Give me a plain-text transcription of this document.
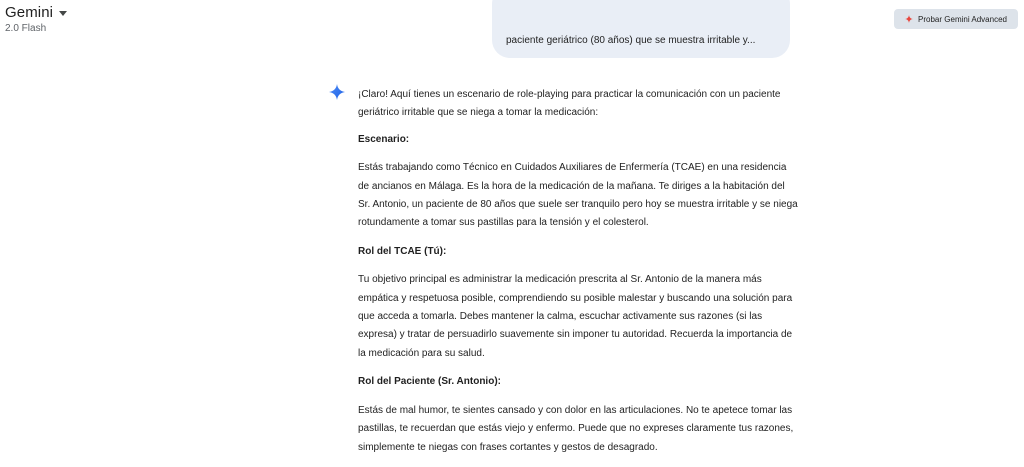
Gemini
2.0 Flash
Probar Gemini Advanced
paciente geriátrico (80 años) que se muestra irritable y...

¡Claro! Aquí tienes un escenario de role-playing para practicar la comunicación con un paciente geriátrico irritable que se niega a tomar la medicación:

Escenario:

Estás trabajando como Técnico en Cuidados Auxiliares de Enfermería (TCAE) en una residencia de ancianos en Málaga. Es la hora de la medicación de la mañana. Te diriges a la habitación del Sr. Antonio, un paciente de 80 años que suele ser tranquilo pero hoy se muestra irritable y se niega rotundamente a tomar sus pastillas para la tensión y el colesterol.

Rol del TCAE (Tú):

Tu objetivo principal es administrar la medicación prescrita al Sr. Antonio de la manera más empática y respetuosa posible, comprendiendo su posible malestar y buscando una solución para que acceda a tomarla. Debes mantener la calma, escuchar activamente sus razones (si las expresa) y tratar de persuadirlo suavemente sin imponer tu autoridad. Recuerda la importancia de la medicación para su salud.

Rol del Paciente (Sr. Antonio):

Estás de mal humor, te sientes cansado y con dolor en las articulaciones. No te apetece tomar las pastillas, te recuerdan que estás viejo y enfermo. Puede que no expreses claramente tus razones, simplemente te niegas con frases cortantes y gestos de desagrado.
